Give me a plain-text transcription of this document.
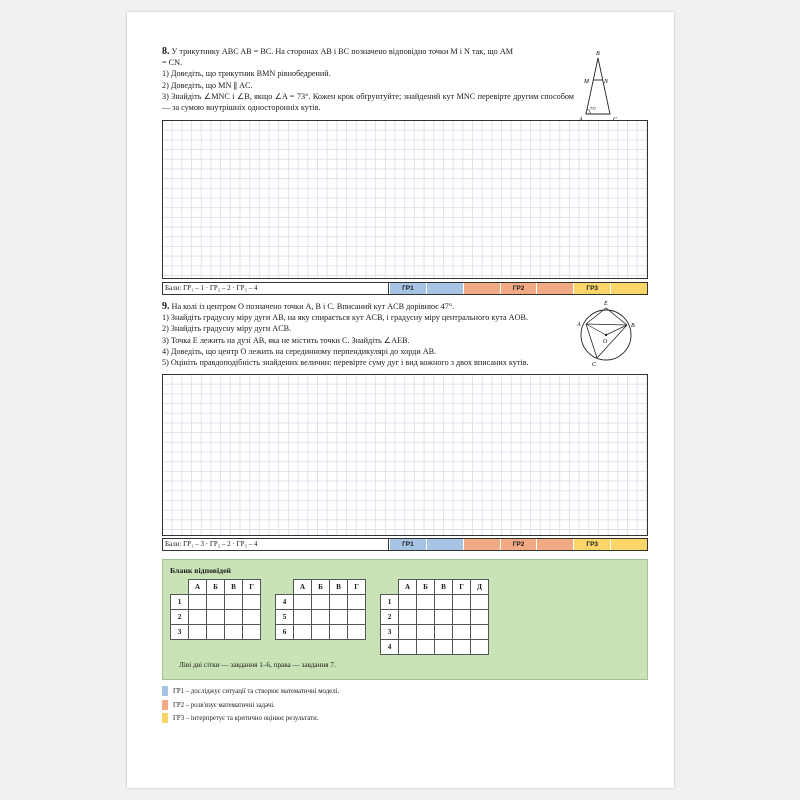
8. У трикутнику ABC AB = BC. На сторонах AB і BC позначено відповідно точки M і N так, що AM
= CN.
1) Доведіть, що трикутник BMN рівнобедрений.
2) Доведіть, що MN ∥ AC.
3) Знайдіть ∠MNC і ∠B, якщо ∠A = 73°. Кожен крок обґрунтуйте; знайдений кут MNC перевірте другим способом — за сумою внутрішніх односторонніх кутів.
B
M	N
73°
Бали: ГР₁ – 1 · ГР₂ – 2 · ГР₃ – 4	ГР1	ГР2	ГР3
9. На колі із центром O позначено точки A, B і C. Вписаний кут ACB дорівнює 47°.
1) Знайдіть градусну міру дуги AB, на яку спирається кут ACB, і градусну міру центрального кута AOB.
2) Знайдіть градусну міру дуги ACB.
3) Точка E лежить на дузі AB, яка не містить точки C. Знайдіть ∠AEB.
4) Доведіть, що центр O лежить на серединному перпендикулярі до хорди AB.
5) Оцініть правдоподібність знайдених величин: перевірте суму дуг і вид кожного з двох вписаних кутів.
E
A	B
O
C
Бали: ГР₁ – 3 · ГР₂ – 2 · ГР₃ – 4	ГР1	ГР2	ГР3
Бланк відповідей
	А	Б	В	Г
1				
2				
3				
	А	Б	В	Г
4				
5				
6				
	А	Б	В	Г	Д
1					
2					
3					
4					
Ліві дві сітки — завдання 1–6, права — завдання 7.
ГР1 – досліджує ситуації та створює математичні моделі.
ГР2 – розв'язує математичні задачі.
ГР3 – інтерпретує та критично оцінює результати.
